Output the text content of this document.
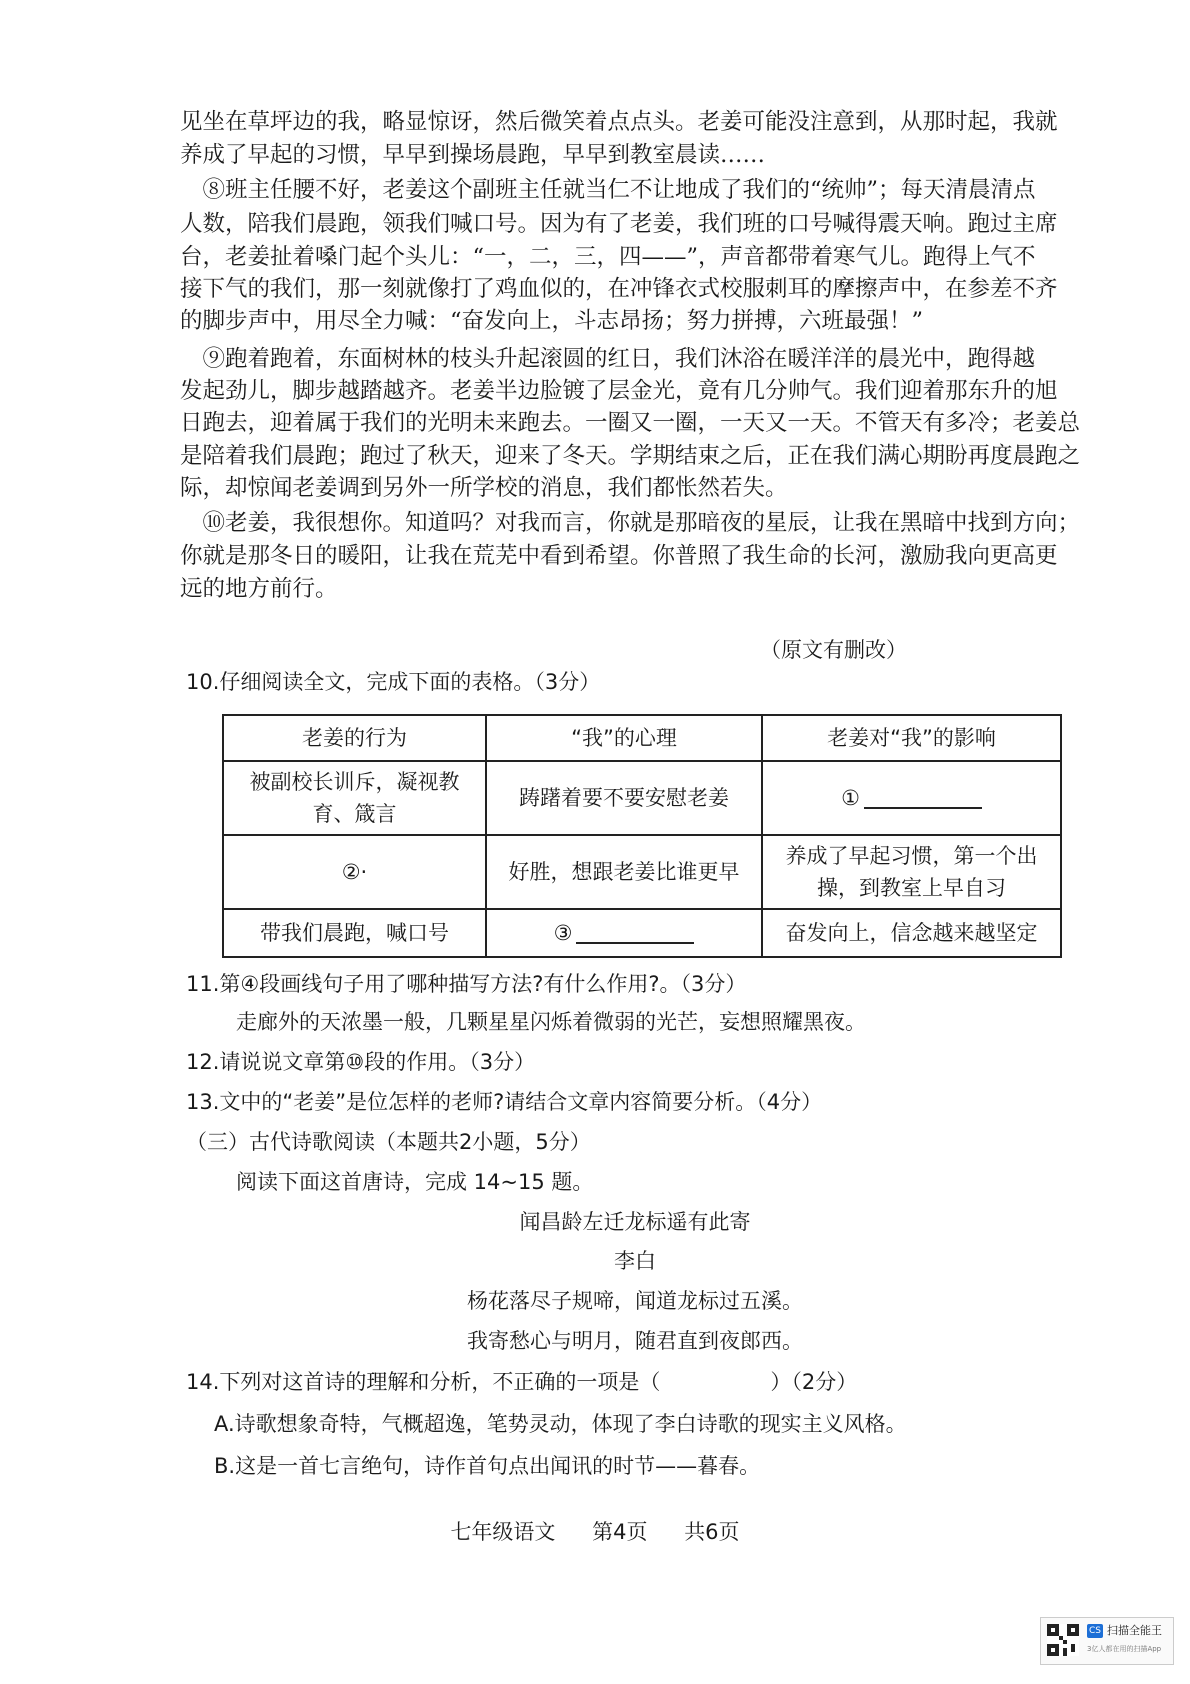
见坐在草坪边的我，略显惊讶，然后微笑着点点头。老姜可能没注意到，从那时起，我就
养成了早起的习惯，早早到操场晨跑，早早到教室晨读……
　⑧班主任腰不好，老姜这个副班主任就当仁不让地成了我们的“统帅”；每天清晨清点
人数，陪我们晨跑，领我们喊口号。因为有了老姜，我们班的口号喊得震天响。跑过主席
台，老姜扯着嗓门起个头儿：“一，二，三，四——”，声音都带着寒气儿。跑得上气不
接下气的我们，那一刻就像打了鸡血似的，在冲锋衣式校服刺耳的摩擦声中，在参差不齐
的脚步声中，用尽全力喊：“奋发向上，斗志昂扬；努力拼搏，六班最强！”
　⑨跑着跑着，东面树林的枝头升起滚圆的红日，我们沐浴在暖洋洋的晨光中，跑得越
发起劲儿，脚步越踏越齐。老姜半边脸镀了层金光，竟有几分帅气。我们迎着那东升的旭
日跑去，迎着属于我们的光明未来跑去。一圈又一圈，一天又一天。不管天有多冷；老姜总
是陪着我们晨跑；跑过了秋天，迎来了冬天。学期结束之后，正在我们满心期盼再度晨跑之
际，却惊闻老姜调到另外一所学校的消息，我们都怅然若失。
　⑩老姜，我很想你。知道吗？对我而言，你就是那暗夜的星辰，让我在黑暗中找到方向；
你就是那冬日的暖阳，让我在荒芜中看到希望。你普照了我生命的长河，激励我向更高更
远的地方前行。
（原文有删改）
10.仔细阅读全文，完成下面的表格。（3分）
老姜的行为	“我”的心理	老姜对“我”的影响
被副校长训斥，凝视教育、箴言	踌躇着要不要安慰老姜	①
②·	好胜，想跟老姜比谁更早	养成了早起习惯，第一个出操，到教室上早自习
带我们晨跑，喊口号	③	奋发向上，信念越来越坚定
11.第④段画线句子用了哪种描写方法?有什么作用?。（3分）
走廊外的天浓墨一般，几颗星星闪烁着微弱的光芒，妄想照耀黑夜。
12.请说说文章第⑩段的作用。（3分）
13.文中的“老姜”是位怎样的老师?请结合文章内容简要分析。（4分）
（三）古代诗歌阅读（本题共2小题，5分）
阅读下面这首唐诗，完成 14~15 题。
闻昌龄左迁龙标遥有此寄
李白
杨花落尽子规啼，闻道龙标过五溪。
我寄愁心与明月，随君直到夜郎西。
14.下列对这首诗的理解和分析，不正确的一项是（	）（2分）
A.诗歌想象奇特，气概超逸，笔势灵动，体现了李白诗歌的现实主义风格。
B.这是一首七言绝句，诗作首句点出闻讯的时节——暮春。
七年级语文 第4页 共6页
CS 扫描全能王
3亿人都在用的扫描App
